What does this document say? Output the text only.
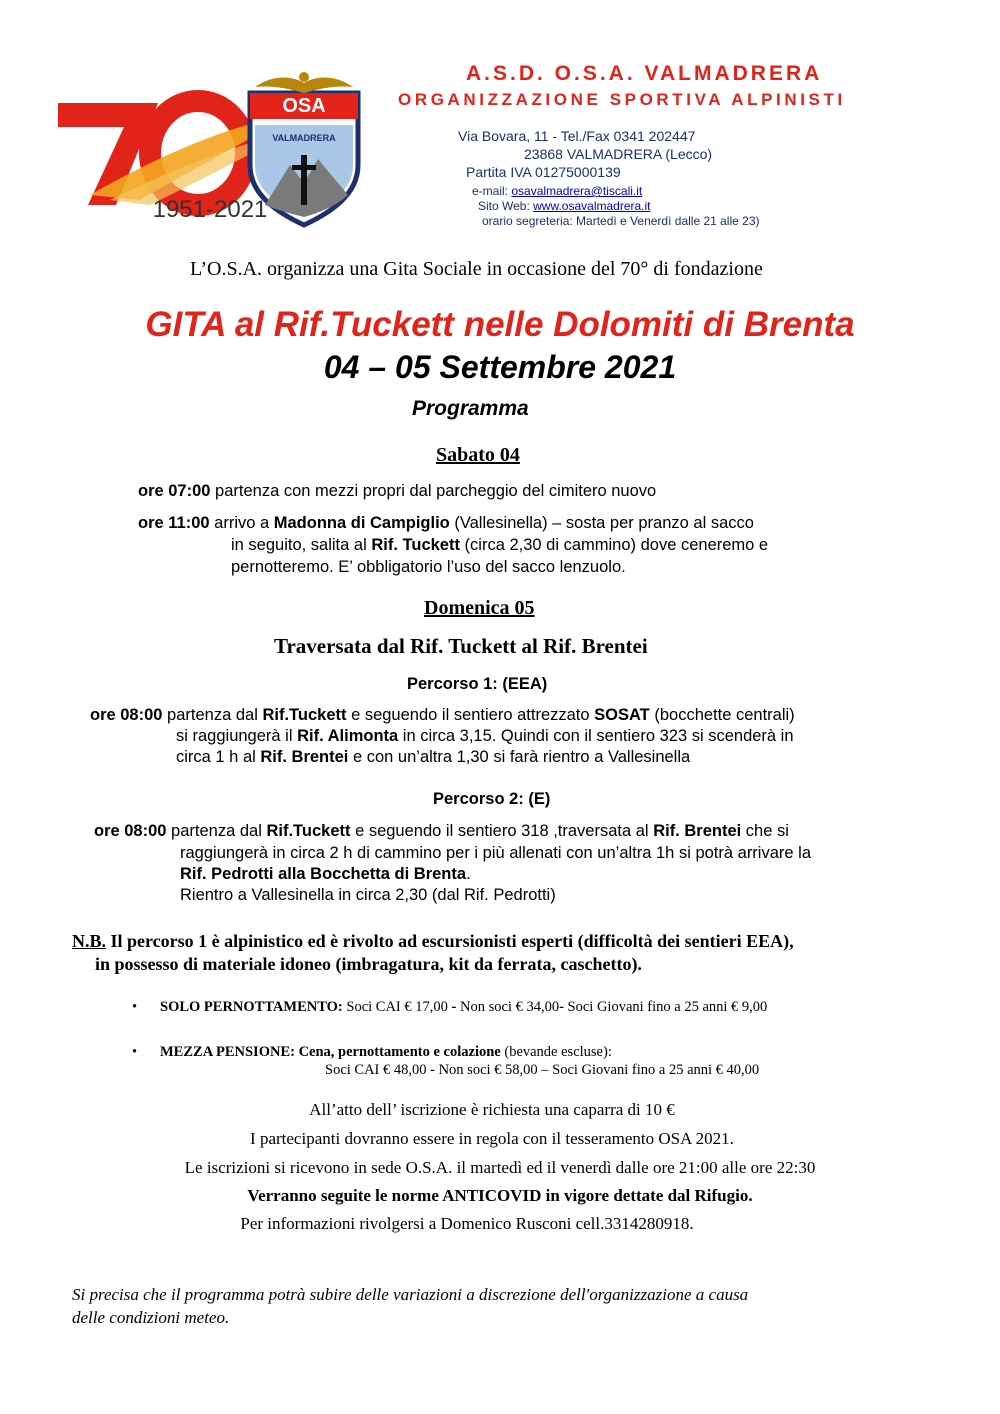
OSA
VALMADRERA
1951-2021
A.S.D. O.S.A. VALMADRERA
ORGANIZZAZIONE SPORTIVA ALPINISTI
Via Bovara, 11 - Tel./Fax 0341 202447
23868 VALMADRERA (Lecco)
Partita IVA 01275000139
e-mail: osavalmadrera@tiscali.it
Sito Web: www.osavalmadrera.it
orario segreteria: Martedì e Venerdì dalle 21 alle 23)
L’O.S.A. organizza una Gita Sociale in occasione del 70° di fondazione
GITA al Rif.Tuckett nelle Dolomiti di Brenta
04 – 05 Settembre 2021
Programma
Sabato 04
ore 07:00 partenza con mezzi propri dal parcheggio del cimitero nuovo
ore 11:00 arrivo a Madonna di Campiglio (Vallesinella) – sosta per pranzo al sacco
in seguito, salita al Rif. Tuckett (circa 2,30 di cammino) dove ceneremo e
pernotteremo. E’ obbligatorio l’uso del sacco lenzuolo.
Domenica 05
Traversata dal Rif. Tuckett al Rif. Brentei
Percorso 1: (EEA)
ore 08:00 partenza dal Rif.Tuckett e seguendo il sentiero attrezzato SOSAT (bocchette centrali)
si raggiungerà il Rif. Alimonta in circa 3,15. Quindi con il sentiero 323 si scenderà in
circa 1 h al Rif. Brentei e con un’altra 1,30 si farà rientro a Vallesinella
Percorso 2: (E)
ore 08:00 partenza dal Rif.Tuckett e seguendo il sentiero 318 ,traversata al Rif. Brentei che si
raggiungerà in circa 2 h di cammino per i più allenati con un’altra 1h si potrà arrivare la
Rif. Pedrotti alla Bocchetta di Brenta.
Rientro a Vallesinella in circa 2,30 (dal Rif. Pedrotti)
N.B. Il percorso 1 è alpinistico ed è rivolto ad escursionisti esperti (difficoltà dei sentieri EEA),
in possesso di materiale idoneo (imbragatura, kit da ferrata, caschetto).
• SOLO PERNOTTAMENTO: Soci CAI € 17,00 - Non soci € 34,00- Soci Giovani fino a 25 anni € 9,00
• MEZZA PENSIONE: Cena, pernottamento e colazione (bevande escluse):
Soci CAI € 48,00 - Non soci € 58,00 – Soci Giovani fino a 25 anni € 40,00
All’atto dell’ iscrizione è richiesta una caparra di 10 €
I partecipanti dovranno essere in regola con il tesseramento OSA 2021.
Le iscrizioni si ricevono in sede O.S.A. il martedì ed il venerdì dalle ore 21:00 alle ore 22:30
Verranno seguite le norme ANTICOVID in vigore dettate dal Rifugio.
Per informazioni rivolgersi a Domenico Rusconi cell.3314280918.
Si precisa che il programma potrà subire delle variazioni a discrezione dell'organizzazione a causa
delle condizioni meteo.
